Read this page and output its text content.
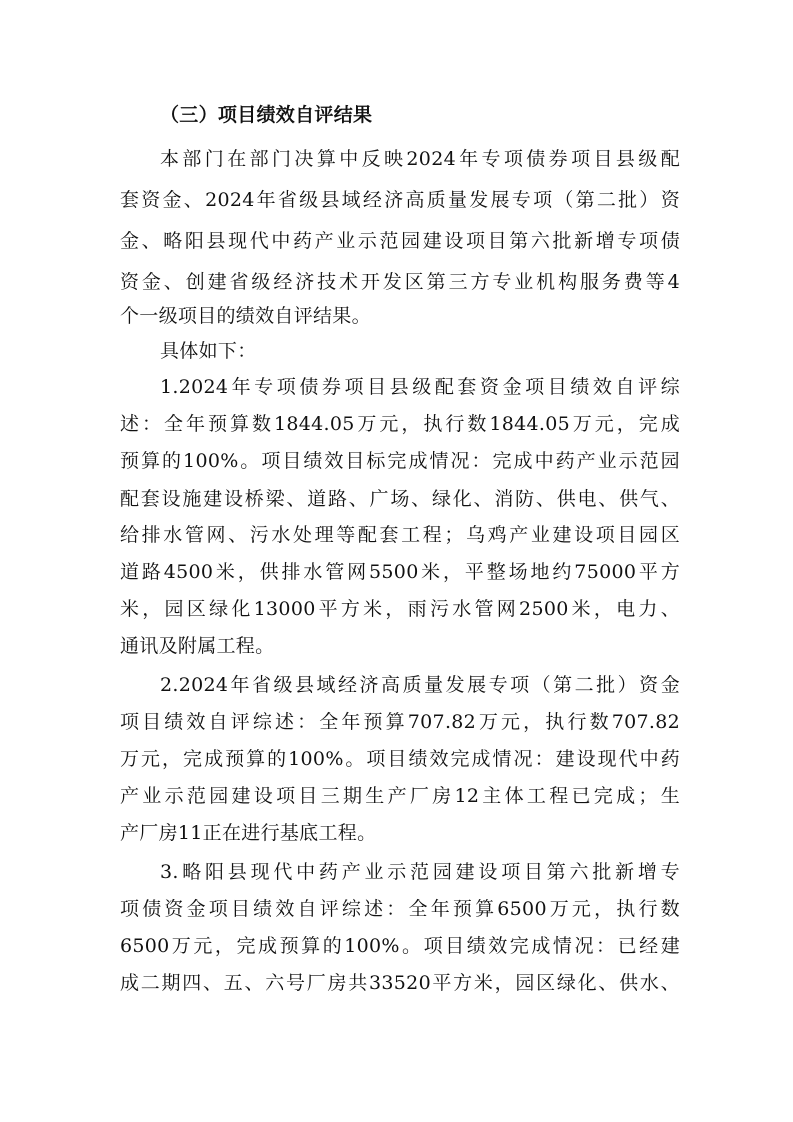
（三）项目绩效自评结果
本部门在部门决算中反映2024年专项债券项目县级配
套资金、2024年省级县域经济高质量发展专项（第二批）资
金、略阳县现代中药产业示范园建设项目第六批新增专项债
资金、创建省级经济技术开发区第三方专业机构服务费等4
个一级项目的绩效自评结果。
具体如下：
1.2024年专项债券项目县级配套资金项目绩效自评综
述：全年预算数1844.05万元，执行数1844.05万元，完成
预算的100%。项目绩效目标完成情况：完成中药产业示范园
配套设施建设桥梁、道路、广场、绿化、消防、供电、供气、
给排水管网、污水处理等配套工程；乌鸡产业建设项目园区
道路4500米，供排水管网5500米，平整场地约75000平方
米，园区绿化13000平方米，雨污水管网2500米，电力、
通讯及附属工程。
2.2024年省级县域经济高质量发展专项（第二批）资金
项目绩效自评综述：全年预算707.82万元，执行数707.82
万元，完成预算的100%。项目绩效完成情况：建设现代中药
产业示范园建设项目三期生产厂房12主体工程已完成；生
产厂房11正在进行基底工程。
3.略阳县现代中药产业示范园建设项目第六批新增专
项债资金项目绩效自评综述：全年预算6500万元，执行数
6500万元，完成预算的100%。项目绩效完成情况：已经建
成二期四、五、六号厂房共33520平方米，园区绿化、供水、
